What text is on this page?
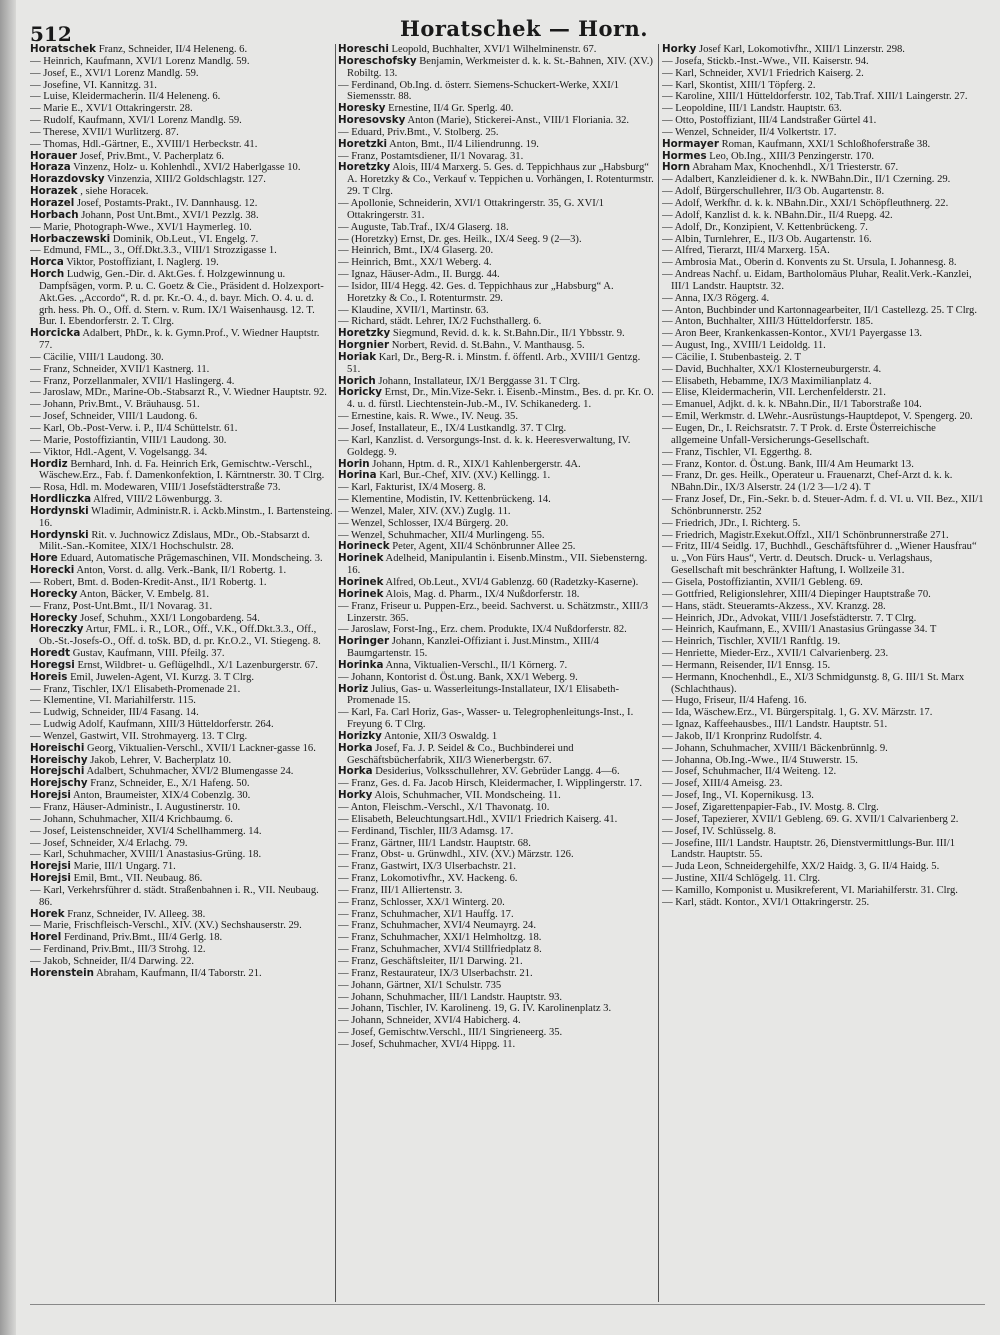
512	Horatschek — Horn.

Horatschek Franz, Schneider, II/4 Heleneng. 6.

— Heinrich, Kaufmann, XVI/1 Lorenz Mandlg. 59.

— Josef, E., XVI/1 Lorenz Mandlg. 59.

— Josefine, VI. Kannitzg. 31.

— Luise, Kleidermacherin. II/4 Heleneng. 6.

— Marie E., XVI/1 Ottakringerstr. 28.

— Rudolf, Kaufmann, XVI/1 Lorenz Mandlg. 59.

— Therese, XVII/1 Wurlitzerg. 87.

— Thomas, Hdl.-Gärtner, E., XVIII/1 Herbeckstr. 41.

Horauer Josef, Priv.Bmt., V. Pacherplatz 6.

Horaza Vinzenz, Holz- u. Kohlenhdl., XVI/2 Haberlgasse 10.

Horazdovsky Vinzenzia, XIII/2 Goldschlagstr. 127.

Horazek , siehe Horacek.

Horazel Josef, Postamts-Prakt., IV. Dannhausg. 12.

Horbach Johann, Post Unt.Bmt., XVI/1 Pezzlg. 38.

— Marie, Photograph-Wwe., XVI/1 Haymerleg. 10.

Horbaczewski Dominik, Ob.Leut., VI. Engelg. 7.

— Edmund, FML., 3., Off.Dkt.3.3., VIII/1 Strozzigasse 1.

Horca Viktor, Postoffiziant, I. Naglerg. 19.

Horch Ludwig, Gen.-Dir. d. Akt.Ges. f. Holzgewinnung u. Dampfsägen, vorm. P. u. C. Goetz & Cie., Präsident d. Holzexport-Akt.Ges. „Accordo“, R. d. pr. Kr.-O. 4., d. bayr. Mich. O. 4. u. d. grh. hess. Ph. O., Off. d. Stern. v. Rum. IX/1 Waisenhausg. 12. T. Bur. I. Ebendorferstr. 2. T. Clrg.

Horcicka Adalbert, PhDr., k. k. Gymn.Prof., V. Wiedner Hauptstr. 77.

— Cäcilie, VIII/1 Laudong. 30.

— Franz, Schneider, XVII/1 Kastnerg. 11.

— Franz, Porzellanmaler, XVII/1 Haslingerg. 4.

— Jaroslaw, MDr., Marine-Ob.-Stabsarzt R., V. Wiedner Hauptstr. 92.

— Johann, Priv.Bmt., V. Bräuhausg. 51.

— Josef, Schneider, VIII/1 Laudong. 6.

— Karl, Ob.-Post-Verw. i. P., II/4 Schüttelstr. 61.

— Marie, Postoffiziantin, VIII/1 Laudong. 30.

— Viktor, Hdl.-Agent, V. Vogelsangg. 34.

Hordiz Bernhard, Inh. d. Fa. Heinrich Erk, Gemischtw.-Verschl., Wäschew.Erz., Fab. f. Damenkonfektion, I. Kärntnerstr. 30. T Clrg.

— Rosa, Hdl. m. Modewaren, VIII/1 Josefstädterstraße 73.

Hordliczka Alfred, VIII/2 Löwenburgg. 3.

Hordynski Wladimir, Administr.R. i. Ackb.Minstm., I. Bartensteing. 16.

Hordynski Rit. v. Juchnowicz Zdislaus, MDr., Ob.-Stabsarzt d. Milit.-San.-Komitee, XIX/1 Hochschulstr. 28.

Hore Eduard, Automatische Prägemaschinen, VII. Mondscheing. 3.

Horecki Anton, Vorst. d. allg. Verk.-Bank, II/1 Robertg. 1.

— Robert, Bmt. d. Boden-Kredit-Anst., II/1 Robertg. 1.

Horecky Anton, Bäcker, V. Embelg. 81.

— Franz, Post-Unt.Bmt., II/1 Novarag. 31.

Horecky Josef, Schuhm., XXI/1 Longobardeng. 54.

Horeczky Artur, FML. i. R., LOR., Off., V.K., Off.Dkt.3.3., Off., Ob.-St.-Josefs-O., Off. d. toSk. BD, d. pr. Kr.O.2., VI. Stiegeng. 8.

Horedt Gustav, Kaufmann, VIII. Pfeilg. 37.

Horegsi Ernst, Wildbret- u. Geflügelhdl., X/1 Lazenburgerstr. 67.

Horeis Emil, Juwelen-Agent, VI. Kurzg. 3. T Clrg.

— Franz, Tischler, IX/1 Elisabeth-Promenade 21.

— Klementine, VI. Mariahilferstr. 115.

— Ludwig, Schneider, III/4 Fasang. 14.

— Ludwig Adolf, Kaufmann, XIII/3 Hütteldorferstr. 264.

— Wenzel, Gastwirt, VII. Strohmayerg. 13. T Clrg.

Horeischi Georg, Viktualien-Verschl., XVII/1 Lackner-gasse 16.

Horeischy Jakob, Lehrer, V. Bacherplatz 10.

Horejschi Adalbert, Schuhmacher, XVI/2 Blumengasse 24.

Horejschy Franz, Schneider, E., X/1 Hafeng. 50.

Horejsi Anton, Braumeister, XIX/4 Cobenzlg. 30.

— Franz, Häuser-Administr., I. Augustinerstr. 10.

— Johann, Schuhmacher, XII/4 Krichbaumg. 6.

— Josef, Leistenschneider, XVI/4 Schellhammerg. 14.

— Josef, Schneider, X/4 Erlachg. 79.

— Karl, Schuhmacher, XVIII/1 Anastasius-Grüng. 18.

Horejsi Marie, III/1 Ungarg. 71.

Horejsi Emil, Bmt., VII. Neubaug. 86.

— Karl, Verkehrsführer d. städt. Straßenbahnen i. R., VII. Neubaug. 86.

Horek Franz, Schneider, IV. Alleeg. 38.

— Marie, Frischfleisch-Verschl., XIV. (XV.) Sechshauserstr. 29.

Horel Ferdinand, Priv.Bmt., III/4 Gerlg. 18.

— Ferdinand, Priv.Bmt., III/3 Strohg. 12.

— Jakob, Schneider, II/4 Darwing. 22.

Horenstein Abraham, Kaufmann, II/4 Taborstr. 21.

Horeschi Leopold, Buchhalter, XVI/1 Wilhelminenstr. 67.

Horeschofsky Benjamin, Werkmeister d. k. k. St.-Bahnen, XIV. (XV.) Robiltg. 13.

— Ferdinand, Ob.Ing. d. österr. Siemens-Schuckert-Werke, XXI/1 Siemensstr. 88.

Horesky Ernestine, II/4 Gr. Sperlg. 40.

Horesovsky Anton (Marie), Stickerei-Anst., VIII/1 Floriania. 32.

— Eduard, Priv.Bmt., V. Stolberg. 25.

Horetzki Anton, Bmt., II/4 Liliendrunng. 19.

— Franz, Postamtsdiener, II/1 Novarag. 31.

Horetzky Alois, III/4 Marxerg. 5. Ges. d. Teppichhaus zur „Habsburg“ A. Horetzky & Co., Verkauf v. Teppichen u. Vorhängen, I. Rotenturmstr. 29. T Clrg.

— Apollonie, Schneiderin, XVI/1 Ottakringerstr. 35, G. XVI/1 Ottakringerstr. 31.

— Auguste, Tab.Traf., IX/4 Glaserg. 18.

— (Horetzky) Ernst, Dr. ges. Heilk., IX/4 Seeg. 9 (2—3).

— Heinrich, Bmt., IX/4 Glaserg. 20.

— Heinrich, Bmt., XX/1 Weberg. 4.

— Ignaz, Häuser-Adm., II. Burgg. 44.

— Isidor, III/4 Hegg. 42. Ges. d. Teppichhaus zur „Habsburg“ A. Horetzky & Co., I. Rotenturmstr. 29.

— Klaudine, XVII/1, Martinstr. 63.

— Richard, städt. Lehrer, IX/2 Fuchsthallerg. 6.

Horetzky Siegmund, Revid. d. k. k. St.Bahn.Dir., II/1 Ybbsstr. 9.

Horgnier Norbert, Revid. d. St.Bahn., V. Manthausg. 5.

Horiak Karl, Dr., Berg-R. i. Minstm. f. öffentl. Arb., XVIII/1 Gentzg. 51.

Horich Johann, Installateur, IX/1 Berggasse 31. T Clrg.

Horicky Ernst, Dr., Min.Vize-Sekr. i. Eisenb.-Minstm., Bes. d. pr. Kr. O. 4. u. d. fürstl. Liechtenstein-Jub.-M., IV. Schikanederg. 1.

— Ernestine, kais. R. Wwe., IV. Neug. 35.

— Josef, Installateur, E., IX/4 Lustkandlg. 37. T Clrg.

— Karl, Kanzlist. d. Versorgungs-Inst. d. k. k. Heeresverwaltung, IV. Goldegg. 9.

Horin Johann, Hptm. d. R., XIX/1 Kahlenbergerstr. 4A.

Horina Karl, Bur.-Chef, XIV. (XV.) Kellingg. 1.

— Karl, Fakturist, IX/4 Moserg. 8.

— Klementine, Modistin, IV. Kettenbrückeng. 14.

— Wenzel, Maler, XIV. (XV.) Zuglg. 11.

— Wenzel, Schlosser, IX/4 Bürgerg. 20.

— Wenzel, Schuhmacher, XII/4 Murlingeng. 55.

Horineck Peter, Agent, XII/4 Schönbrunner Allee 25.

Horinek Adelheid, Manipulantin i. Eisenb.Minstm., VII. Siebensterng. 16.

Horinek Alfred, Ob.Leut., XVI/4 Gablenzg. 60 (Radetzky-Kaserne).

Horinek Alois, Mag. d. Pharm., IX/4 Nußdorferstr. 18.

— Franz, Friseur u. Puppen-Erz., beeid. Sachverst. u. Schätzmstr., XIII/3 Linzerstr. 365.

— Jaroslaw, Forst-Ing., Erz. chem. Produkte, IX/4 Nußdorferstr. 82.

Horinger Johann, Kanzlei-Offiziant i. Just.Minstm., XIII/4 Baumgartenstr. 15.

Horinka Anna, Viktualien-Verschl., II/1 Körnerg. 7.

— Johann, Kontorist d. Öst.ung. Bank, XX/1 Weberg. 9.

Horiz Julius, Gas- u. Wasserleitungs-Installateur, IX/1 Elisabeth-Promenade 15.

— Karl, Fa. Carl Horiz, Gas-, Wasser- u. Telegrophenleitungs-Inst., I. Freyung 6. T Clrg.

Horizky Antonie, XII/3 Oswaldg. 1

Horka Josef, Fa. J. P. Seidel & Co., Buchbinderei und Geschäftsbücherfabrik, XII/3 Wienerbergstr. 67.

Horka Desiderius, Volksschullehrer, XV. Gebrüder Langg. 4—6.

— Franz, Ges. d. Fa. Jacob Hirsch, Kleidermacher, I. Wipplingerstr. 17.

Horky Alois, Schuhmacher, VII. Mondscheing. 11.

— Anton, Fleischm.-Verschl., X/1 Thavonatg. 10.

— Elisabeth, Beleuchtungsart.Hdl., XVII/1 Friedrich Kaiserg. 41.

— Ferdinand, Tischler, III/3 Adamsg. 17.

— Franz, Gärtner, III/1 Landstr. Hauptstr. 68.

— Franz, Obst- u. Grünwdhl., XIV. (XV.) Märzstr. 126.

— Franz, Gastwirt, IX/3 Ulserbachstr. 21.

— Franz, Lokomotivfhr., XV. Hackeng. 6.

— Franz, III/1 Alliertenstr. 3.

— Franz, Schlosser, XX/1 Winterg. 20.

— Franz, Schuhmacher, XI/1 Hauffg. 17.

— Franz, Schuhmacher, XVI/4 Neumayrg. 24.

— Franz, Schuhmacher, XXI/1 Helmholtzg. 18.

— Franz, Schuhmacher, XVI/4 Stillfriedplatz 8.

— Franz, Geschäftsleiter, II/1 Darwing. 21.

— Franz, Restaurateur, IX/3 Ulserbachstr. 21.

— Johann, Gärtner, XI/1 Schulstr. 735

— Johann, Schuhmacher, III/1 Landstr. Hauptstr. 93.

— Johann, Tischler, IV. Karolineng. 19, G. IV. Karolinenplatz 3.

— Johann, Schneider, XVI/4 Habicherg. 4.

— Josef, Gemischtw.Verschl., III/1 Singrieneerg. 35.

— Josef, Schuhmacher, XVI/4 Hippg. 11.

Horky Josef Karl, Lokomotivfhr., XIII/1 Linzerstr. 298.

— Josefa, Stickb.-Inst.-Wwe., VII. Kaiserstr. 94.

— Karl, Schneider, XVI/1 Friedrich Kaiserg. 2.

— Karl, Skontist, XIII/1 Töpferg. 2.

— Karoline, XIII/1 Hütteldorferstr. 102, Tab.Traf. XIII/1 Laingerstr. 27.

— Leopoldine, III/1 Landstr. Hauptstr. 63.

— Otto, Postoffiziant, III/4 Landstraßer Gürtel 41.

— Wenzel, Schneider, II/4 Volkertstr. 17.

Hormayer Roman, Kaufmann, XXI/1 Schloßhoferstraße 38.

Hormes Leo, Ob.Ing., XIII/3 Penzingerstr. 170.

Horn Abraham Max, Knochenhdl., X/1 Triesterstr. 67.

— Adalbert, Kanzleidiener d. k. k. NWBahn.Dir., II/1 Czerning. 29.

— Adolf, Bürgerschullehrer, II/3 Ob. Augartenstr. 8.

— Adolf, Werkfhr. d. k. k. NBahn.Dir., XXI/1 Schöpfleuthnerg. 22.

— Adolf, Kanzlist d. k. k. NBahn.Dir., II/4 Ruepg. 42.

— Adolf, Dr., Konzipient, V. Kettenbrückeng. 7.

— Albin, Turnlehrer, E., II/3 Ob. Augartenstr. 16.

— Alfred, Tierarzt, III/4 Marxerg. 15A.

— Ambrosia Mat., Oberin d. Konvents zu St. Ursula, I. Johannesg. 8.

— Andreas Nachf. u. Eidam, Bartholomäus Pluhar, Realit.Verk.-Kanzlei, III/1 Landstr. Hauptstr. 32.

— Anna, IX/3 Rögerg. 4.

— Anton, Buchbinder und Kartonnagearbeiter, II/1 Castellezg. 25. T Clrg.

— Anton, Buchhalter, XIII/3 Hütteldorferstr. 185.

— Aron Beer, Krankenkassen-Kontor., XVI/1 Payergasse 13.

— August, Ing., XVIII/1 Leidoldg. 11.

— Cäcilie, I. Stubenbasteig. 2. T

— David, Buchhalter, XX/1 Klosterneuburgerstr. 4.

— Elisabeth, Hebamme, IX/3 Maximilianplatz 4.

— Elise, Kleidermacherin, VII. Lerchenfelderstr. 21.

— Emanuel, Adjkt. d. k. k. NBahn.Dir., II/1 Taborstraße 104.

— Emil, Werkmstr. d. LWehr.-Ausrüstungs-Hauptdepot, V. Spengerg. 20.

— Eugen, Dr., I. Reichsratstr. 7. T Prok. d. Erste Österreichische allgemeine Unfall-Versicherungs-Gesellschaft.

— Franz, Tischler, VI. Eggerthg. 8.

— Franz, Kontor. d. Öst.ung. Bank, III/4 Am Heumarkt 13.

— Franz, Dr. ges. Heilk., Operateur u. Frauenarzt, Chef-Arzt d. k. k. NBahn.Dir., IX/3 Alserstr. 24 (1/2 3—1/2 4). T

— Franz Josef, Dr., Fin.-Sekr. b. d. Steuer-Adm. f. d. VI. u. VII. Bez., XII/1 Schönbrunnerstr. 252

— Friedrich, JDr., I. Richterg. 5.

— Friedrich, Magistr.Exekut.Offzl., XII/1 Schönbrunnerstraße 271.

— Fritz, III/4 Seidlg. 17, Buchhdl., Geschäftsführer d. „Wiener Hausfrau“ u. „Von Fürs Haus“, Vertr. d. Deutsch. Druck- u. Verlagshaus, Gesellschaft mit beschränkter Haftung, I. Wollzeile 31.

— Gisela, Postoffiziantin, XVII/1 Gebleng. 69.

— Gottfried, Religionslehrer, XIII/4 Diepinger Hauptstraße 70.

— Hans, städt. Steueramts-Akzess., XV. Kranzg. 28.

— Heinrich, JDr., Advokat, VIII/1 Josefstädterstr. 7. T Clrg.

— Heinrich, Kaufmann, E., XVIII/1 Anastasius Grüngasse 34. T

— Heinrich, Tischler, XVII/1 Ranftlg. 19.

— Henriette, Mieder-Erz., XVII/1 Calvarienberg. 23.

— Hermann, Reisender, II/1 Ennsg. 15.

— Hermann, Knochenhdl., E., XI/3 Schmidgunstg. 8, G. III/1 St. Marx (Schlachthaus).

— Hugo, Friseur, II/4 Hafeng. 16.

— Ida, Wäschew.Erz., VI. Bürgerspitalg. 1, G. XV. Märzstr. 17.

— Ignaz, Kaffeehausbes., III/1 Landstr. Hauptstr. 51.

— Jakob, II/1 Kronprinz Rudolfstr. 4.

— Johann, Schuhmacher, XVIII/1 Bäckenbrünnlg. 9.

— Johanna, Ob.Ing.-Wwe., II/4 Stuwerstr. 15.

— Josef, Schuhmacher, II/4 Weiteng. 12.

— Josef, XIII/4 Ameisg. 23.

— Josef, Ing., VI. Kopernikusg. 13.

— Josef, Zigarettenpapier-Fab., IV. Mostg. 8. Clrg.

— Josef, Tapezierer, XVII/1 Gebleng. 69. G. XVII/1 Calvarienberg 2.

— Josef, IV. Schlüsselg. 8.

— Josefine, III/1 Landstr. Hauptstr. 26, Dienstvermittlungs-Bur. III/1 Landstr. Hauptstr. 55.

— Juda Leon, Schneidergehilfe, XX/2 Haidg. 3, G. II/4 Haidg. 5.

— Justine, XII/4 Schlögelg. 11. Clrg.

— Kamillo, Komponist u. Musikreferent, VI. Mariahilferstr. 31. Clrg.

— Karl, städt. Kontor., XVI/1 Ottakringerstr. 25.
